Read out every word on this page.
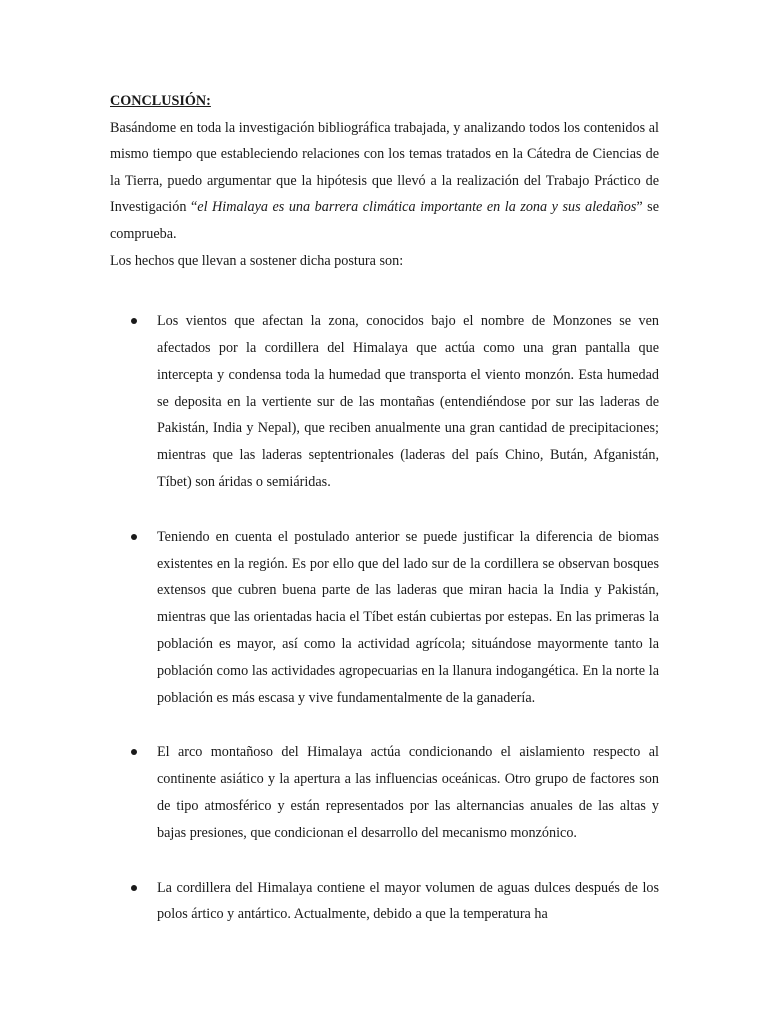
CONCLUSIÓN:

Basándome en toda la investigación bibliográfica trabajada, y analizando todos los contenidos al mismo tiempo que estableciendo relaciones con los temas tratados en la Cátedra de Ciencias de la Tierra, puedo argumentar que la hipótesis que llevó a la realización del Trabajo Práctico de Investigación “el Himalaya es una barrera climática importante en la zona y sus aledaños” se comprueba.

Los hechos que llevan a sostener dicha postura son:

Los vientos que afectan la zona, conocidos bajo el nombre de Monzones se ven afectados por la cordillera del Himalaya que actúa como una gran pantalla que intercepta y condensa toda la humedad que transporta el viento monzón. Esta humedad se deposita en la vertiente sur de las montañas (entendiéndose por sur las laderas de Pakistán, India y Nepal), que reciben anualmente una gran cantidad de precipitaciones; mientras que las laderas septentrionales (laderas del país Chino, Bután, Afganistán, Tíbet) son áridas o semiáridas.
Teniendo en cuenta el postulado anterior se puede justificar la diferencia de biomas existentes en la región. Es por ello que del lado sur de la cordillera se observan bosques extensos que cubren buena parte de las laderas que miran hacia la India y Pakistán, mientras que las orientadas hacia el Tíbet están cubiertas por estepas. En las primeras la población es mayor, así como la actividad agrícola; situándose mayormente tanto la población como las actividades agropecuarias en la llanura indogangética. En la norte la población es más escasa y vive fundamentalmente de la ganadería.
El arco montañoso del Himalaya actúa condicionando el aislamiento respecto al continente asiático y la apertura a las influencias oceánicas. Otro grupo de factores son de tipo atmosférico y están representados por las alternancias anuales de las altas y bajas presiones, que condicionan el desarrollo del mecanismo monzónico.
La cordillera del Himalaya contiene el mayor volumen de aguas dulces después de los polos ártico y antártico. Actualmente, debido a que la temperatura ha
